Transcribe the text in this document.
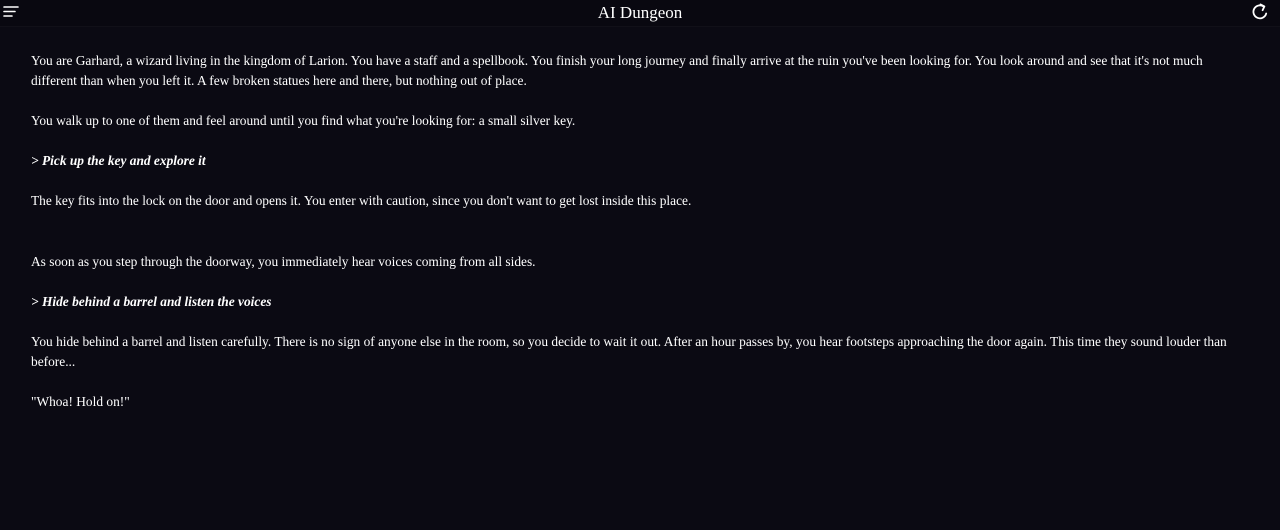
AI Dungeon

You are Garhard, a wizard living in the kingdom of Larion. You have a staff and a spellbook. You finish your long journey and finally arrive at the ruin you've been looking for. You look around and see that it's not much different than when you left it. A few broken statues here and there, but nothing out of place.

You walk up to one of them and feel around until you find what you're looking for: a small silver key.

> Pick up the key and explore it

The key fits into the lock on the door and opens it. You enter with caution, since you don't want to get lost inside this place.

As soon as you step through the doorway, you immediately hear voices coming from all sides.

> Hide behind a barrel and listen the voices

You hide behind a barrel and listen carefully. There is no sign of anyone else in the room, so you decide to wait it out. After an hour passes by, you hear footsteps approaching the door again. This time they sound louder than before...

"Whoa! Hold on!"
